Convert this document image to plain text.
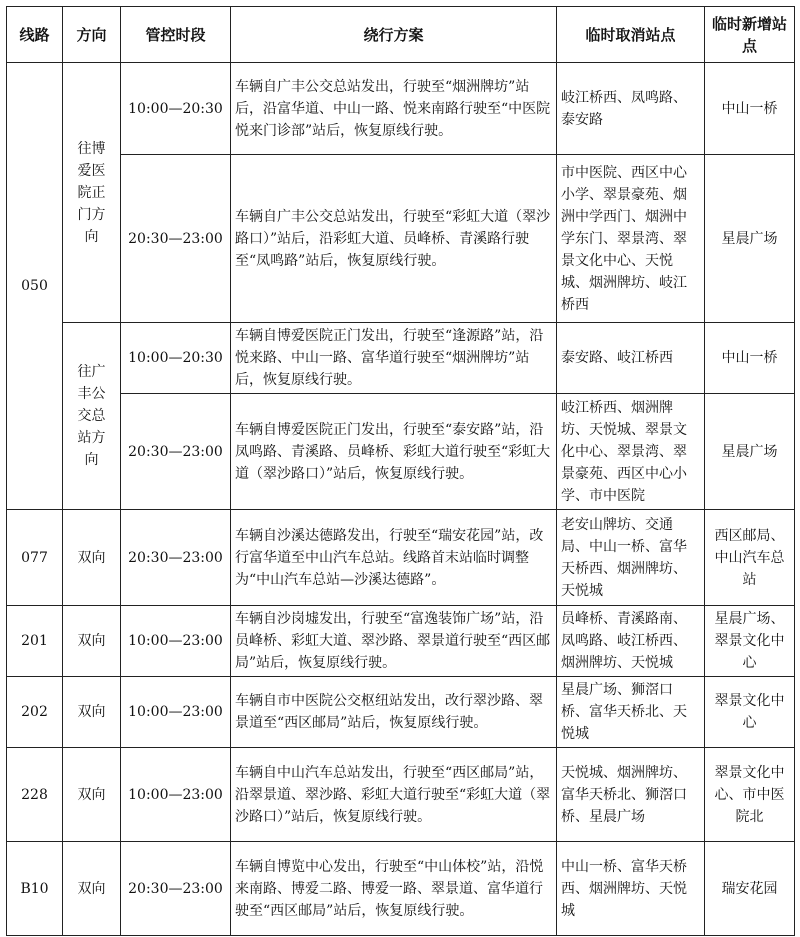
线路	方向	管控时段	绕行方案	临时取消站点	临时新增站点
050	往博爱医院正门方向	10:00—20:30	车辆自广丰公交总站发出，行驶至“烟洲牌坊”站后，沿富华道、中山一路、悦来南路行驶至“中医院悦来门诊部”站后，恢复原线行驶。	岐江桥西、凤鸣路、泰安路	中山一桥
		20:30—23:00	车辆自广丰公交总站发出，行驶至“彩虹大道（翠沙路口）”站后，沿彩虹大道、员峰桥、青溪路行驶至“凤鸣路”站后，恢复原线行驶。	市中医院、西区中心小学、翠景豪苑、烟洲中学西门、烟洲中学东门、翠景湾、翠景文化中心、天悦城、烟洲牌坊、岐江桥西	星晨广场
	往广丰公交总站方向	10:00—20:30	车辆自博爱医院正门发出，行驶至“逢源路”站，沿悦来路、中山一路、富华道行驶至“烟洲牌坊”站后，恢复原线行驶。	泰安路、岐江桥西	中山一桥
		20:30—23:00	车辆自博爱医院正门发出，行驶至“泰安路”站，沿凤鸣路、青溪路、员峰桥、彩虹大道行驶至“彩虹大道（翠沙路口）”站后，恢复原线行驶。	岐江桥西、烟洲牌坊、天悦城、翠景文化中心、翠景湾、翠景豪苑、西区中心小学、市中医院	星晨广场
077	双向	20:30—23:00	车辆自沙溪达德路发出，行驶至“瑞安花园”站，改行富华道至中山汽车总站。线路首末站临时调整为“中山汽车总站—沙溪达德路”。	老安山牌坊、交通局、中山一桥、富华天桥西、烟洲牌坊、天悦城	西区邮局、中山汽车总站
201	双向	10:00—23:00	车辆自沙岗墟发出，行驶至“富逸装饰广场”站，沿员峰桥、彩虹大道、翠沙路、翠景道行驶至“西区邮局”站后，恢复原线行驶。	员峰桥、青溪路南、凤鸣路、岐江桥西、烟洲牌坊、天悦城	星晨广场、翠景文化中心
202	双向	10:00—23:00	车辆自市中医院公交枢纽站发出，改行翠沙路、翠景道至“西区邮局”站后，恢复原线行驶。	星晨广场、狮滘口桥、富华天桥北、天悦城	翠景文化中心
228	双向	10:00—23:00	车辆自中山汽车总站发出，行驶至“西区邮局”站，沿翠景道、翠沙路、彩虹大道行驶至“彩虹大道（翠沙路口）”站后，恢复原线行驶。	天悦城、烟洲牌坊、富华天桥北、狮滘口桥、星晨广场	翠景文化中心、市中医院北
B10	双向	20:30—23:00	车辆自博览中心发出，行驶至“中山体校”站，沿悦来南路、博爱二路、博爱一路、翠景道、富华道行驶至“西区邮局”站后，恢复原线行驶。	中山一桥、富华天桥西、烟洲牌坊、天悦城	瑞安花园
